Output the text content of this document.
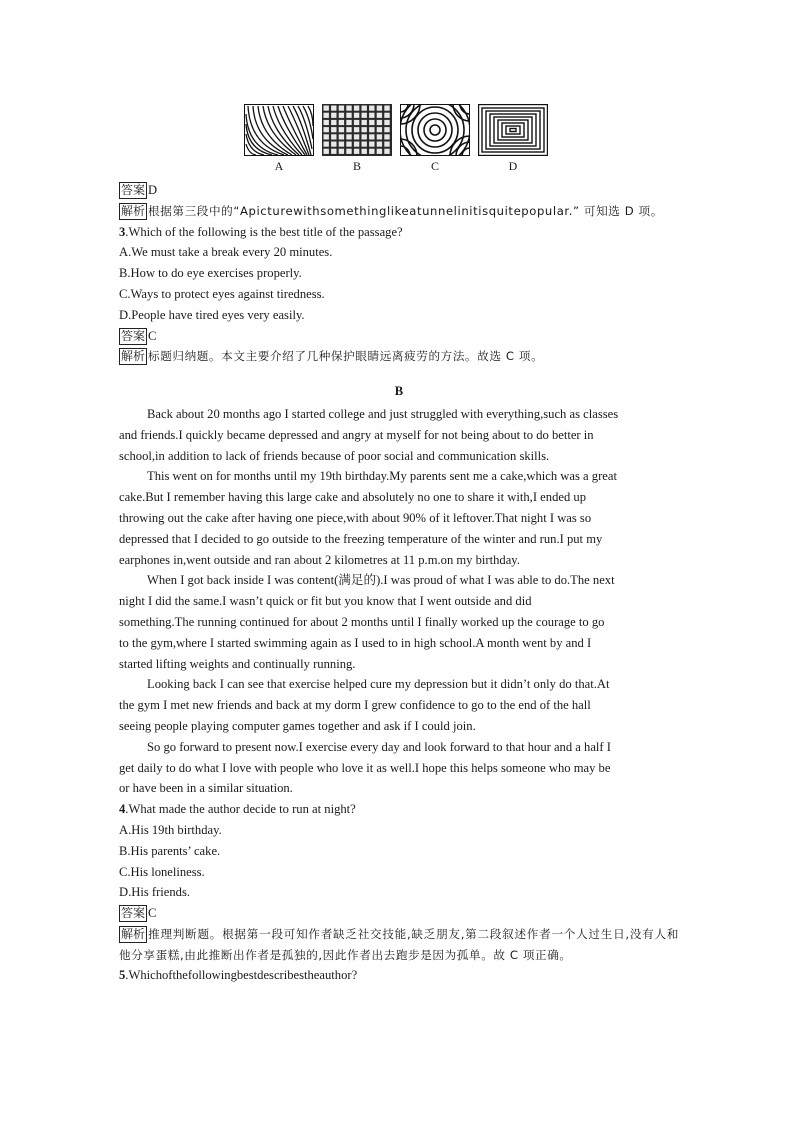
A	B	C	D
答案 D
解析 根据第三段中的“Apicturewithsomethinglikeatunnelinitisquitepopular.” 可知选 D 项。
3.Which of the following is the best title of the passage?
A.We must take a break every 20 minutes.
B.How to do eye exercises properly.
C.Ways to protect eyes against tiredness.
D.People have tired eyes very easily.
答案 C
解析 标题归纳题。本文主要介绍了几种保护眼睛远离疲劳的方法。故选 C 项。
B
Back about 20 months ago I started college and just struggled with everything,such as classes
and friends.I quickly became depressed and angry at myself for not being about to do better in
school,in addition to lack of friends because of poor social and communication skills.
This went on for months until my 19th birthday.My parents sent me a cake,which was a great
cake.But I remember having this large cake and absolutely no one to share it with,I ended up
throwing out the cake after having one piece,with about 90% of it leftover.That night I was so
depressed that I decided to go outside to the freezing temperature of the winter and run.I put my
earphones in,went outside and ran about 2 kilometres at 11 p.m.on my birthday.
When I got back inside I was content(满足的).I was proud of what I was able to do.The next
night I did the same.I wasn’t quick or fit but you know that I went outside and did
something.The running continued for about 2 months until I finally worked up the courage to go
to the gym,where I started swimming again as I used to in high school.A month went by and I
started lifting weights and continually running.
Looking back I can see that exercise helped cure my depression but it didn’t only do that.At
the gym I met new friends and back at my dorm I grew confidence to go to the end of the hall
seeing people playing computer games together and ask if I could join.
So go forward to present now.I exercise every day and look forward to that hour and a half I
get daily to do what I love with people who love it as well.I hope this helps someone who may be
or have been in a similar situation.
4.What made the author decide to run at night?
A.His 19th birthday.
B.His parents’ cake.
C.His loneliness.
D.His friends.
答案 C
解析 推理判断题。根据第一段可知作者缺乏社交技能,缺乏朋友,第二段叙述作者一个人过生日,没有人和他分享蛋糕,由此推断出作者是孤独的,因此作者出去跑步是因为孤单。故 C 项正确。
5.Whichofthefollowingbestdescribestheauthor?
